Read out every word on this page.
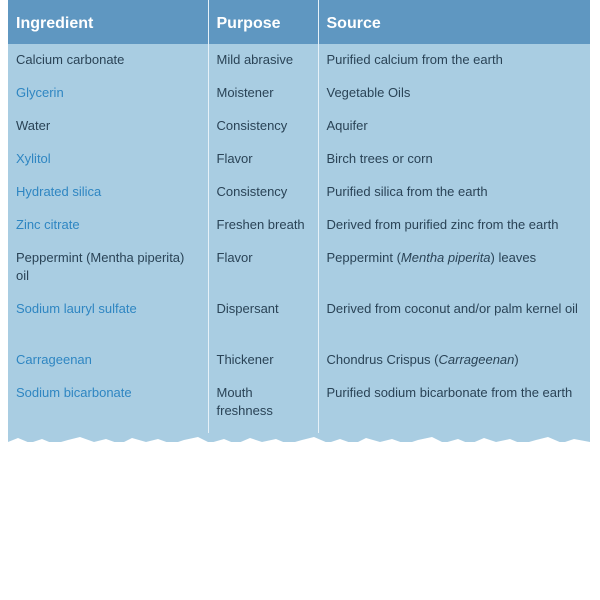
Ingredient	Purpose	Source
Calcium carbonate	Mild abrasive	Purified calcium from the earth
Glycerin	Moistener	Vegetable Oils
Water	Consistency	Aquifer
Xylitol	Flavor	Birch trees or corn
Hydrated silica	Consistency	Purified silica from the earth
Zinc citrate	Freshen breath	Derived from purified zinc from the earth
Peppermint (Mentha piperita) oil	Flavor	Peppermint (Mentha piperita) leaves
Sodium lauryl sulfate	Dispersant	Derived from coconut and/or palm kernel oil
Carrageenan	Thickener	Chondrus Crispus (Carrageenan)
Sodium bicarbonate	Mouth freshness	Purified sodium bicarbonate from the earth
